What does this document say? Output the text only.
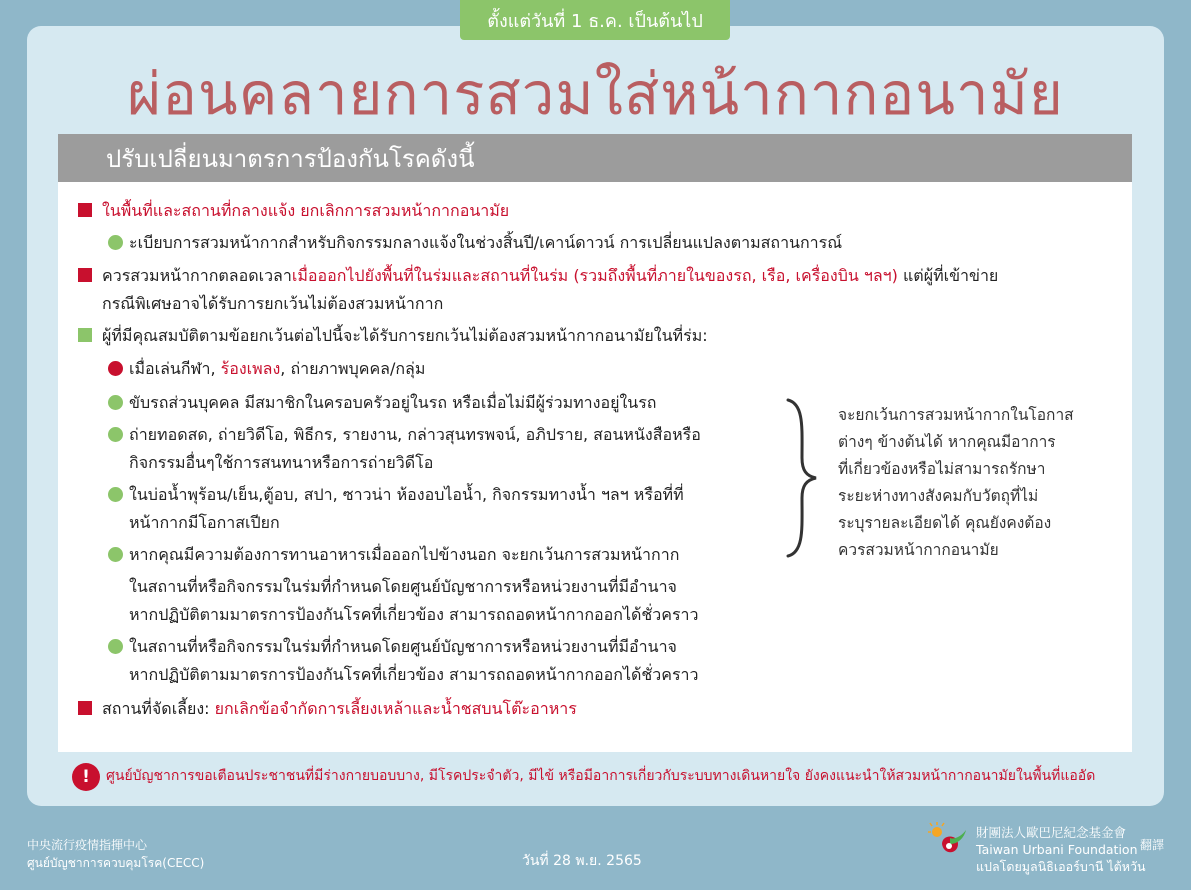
ตั้งแต่วันที่ 1 ธ.ค. เป็นต้นไป
ผ่อนคลายการสวมใส่หน้ากากอนามัย
ปรับเปลี่ยนมาตรการป้องกันโรคดังนี้
ในพื้นที่และสถานที่กลางแจ้ง ยกเลิกการสวมหน้ากากอนามัย
ะเบียบการสวมหน้ากากสำหรับกิจกรรมกลางแจ้งในช่วงสิ้นปี/เคาน์ดาวน์ การเปลี่ยนแปลงตามสถานการณ์
ควรสวมหน้ากากตลอดเวลาเมื่อออกไปยังพื้นที่ในร่มและสถานที่ในร่ม (รวมถึงพื้นที่ภายในของรถ, เรือ, เครื่องบิน ฯลฯ) แต่ผู้ที่เข้าข่าย
กรณีพิเศษอาจได้รับการยกเว้นไม่ต้องสวมหน้ากาก
ผู้ที่มีคุณสมบัติตามข้อยกเว้นต่อไปนี้จะได้รับการยกเว้นไม่ต้องสวมหน้ากากอนามัยในที่ร่ม:
เมื่อเล่นกีฬา, ร้องเพลง, ถ่ายภาพบุคคล/กลุ่ม
ขับรถส่วนบุคคล มีสมาชิกในครอบครัวอยู่ในรถ หรือเมื่อไม่มีผู้ร่วมทางอยู่ในรถ
ถ่ายทอดสด, ถ่ายวิดีโอ, พิธีกร, รายงาน, กล่าวสุนทรพจน์, อภิปราย, สอนหนังสือหรือ
กิจกรรมอื่นๆใช้การสนทนาหรือการถ่ายวิดีโอ
ในบ่อน้ำพุร้อน/เย็น,ตู้อบ, สปา, ซาวน่า ห้องอบไอน้ำ, กิจกรรมทางน้ำ ฯลฯ หรือที่ที่
หน้ากากมีโอกาสเปียก
หากคุณมีความต้องการทานอาหารเมื่อออกไปข้างนอก จะยกเว้นการสวมหน้ากาก
ในสถานที่หรือกิจกรรมในร่มที่กำหนดโดยศูนย์บัญชาการหรือหน่วยงานที่มีอำนาจ
หากปฏิบัติตามมาตรการป้องกันโรคที่เกี่ยวข้อง สามารถถอดหน้ากากออกได้ชั่วคราว
ในสถานที่หรือกิจกรรมในร่มที่กำหนดโดยศูนย์บัญชาการหรือหน่วยงานที่มีอำนาจ
หากปฏิบัติตามมาตรการป้องกันโรคที่เกี่ยวข้อง สามารถถอดหน้ากากออกได้ชั่วคราว
สถานที่จัดเลี้ยง: ยกเลิกข้อจำกัดการเลี้ยงเหล้าและน้ำชสบนโต๊ะอาหาร
จะยกเว้นการสวมหน้ากากในโอกาส
ต่างๆ ข้างต้นได้ หากคุณมีอาการ
ที่เกี่ยวข้องหรือไม่สามารถรักษา
ระยะห่างทางสังคมกับวัตถุที่ไม่
ระบุรายละเอียดได้ คุณยังคงต้อง
ควรสวมหน้ากากอนามัย
! ศูนย์บัญชาการขอเตือนประชาชนที่มีร่างกายบอบบาง, มีโรคประจำตัว, มีไข้ หรือมีอาการเกี่ยวกับระบบทางเดินหายใจ ยังคงแนะนำให้สวมหน้ากากอนามัยในพื้นที่แออัด
中央流行疫情指揮中心
ศูนย์บัญชาการควบคุมโรค(CECC)	วันที่ 28 พ.ย. 2565
財團法人歐巴尼紀念基金會
Taiwan Urbani Foundation
แปลโดยมูลนิธิเออร์บานี ไต้หวัน
翻譯
